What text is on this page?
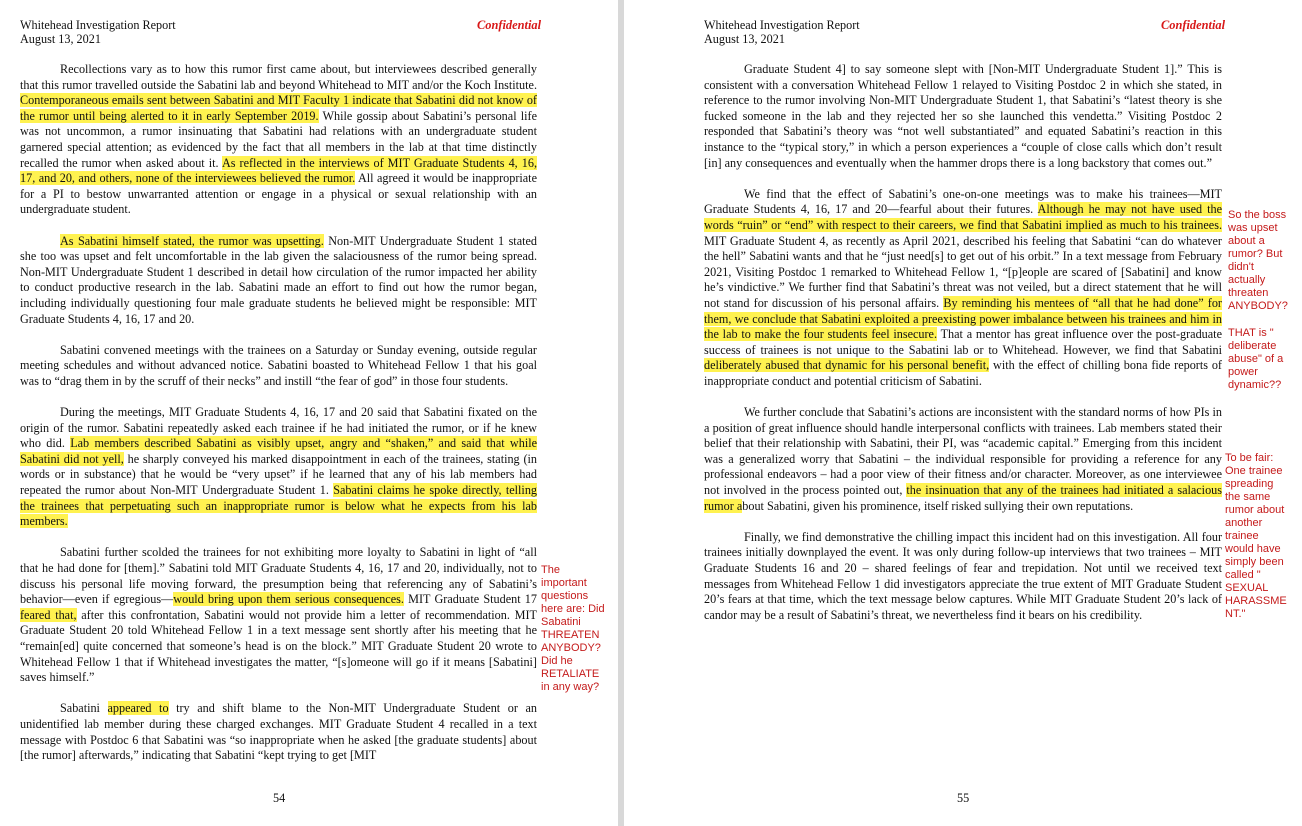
Whitehead Investigation Report
August 13, 2021
Confidential

Recollections vary as to how this rumor first came about, but interviewees described generally that this rumor travelled outside the Sabatini lab and beyond Whitehead to MIT and/or the Koch Institute. Contemporaneous emails sent between Sabatini and MIT Faculty 1 indicate that Sabatini did not know of the rumor until being alerted to it in early September 2019. While gossip about Sabatini’s personal life was not uncommon, a rumor insinuating that Sabatini had relations with an undergraduate student garnered special attention; as evidenced by the fact that all members in the lab at that time distinctly recalled the rumor when asked about it. As reflected in the interviews of MIT Graduate Students 4, 16, 17, and 20, and others, none of the interviewees believed the rumor. All agreed it would be inappropriate for a PI to bestow unwarranted attention or engage in a physical or sexual relationship with an undergraduate student.

As Sabatini himself stated, the rumor was upsetting. Non-MIT Undergraduate Student 1 stated she too was upset and felt uncomfortable in the lab given the salaciousness of the rumor being spread. Non-MIT Undergraduate Student 1 described in detail how circulation of the rumor impacted her ability to conduct productive research in the lab. Sabatini made an effort to find out how the rumor began, including individually questioning four male graduate students he believed might be responsible: MIT Graduate Students 4, 16, 17 and 20.

Sabatini convened meetings with the trainees on a Saturday or Sunday evening, outside regular meeting schedules and without advanced notice. Sabatini boasted to Whitehead Fellow 1 that his goal was to “drag them in by the scruff of their necks” and instill “the fear of god” in those four students.

During the meetings, MIT Graduate Students 4, 16, 17 and 20 said that Sabatini fixated on the origin of the rumor. Sabatini repeatedly asked each trainee if he had initiated the rumor, or if he knew who did. Lab members described Sabatini as visibly upset, angry and “shaken,” and said that while Sabatini did not yell, he sharply conveyed his marked disappointment in each of the trainees, stating (in words or in substance) that he would be “very upset” if he learned that any of his lab members had repeated the rumor about Non-MIT Undergraduate Student 1. Sabatini claims he spoke directly, telling the trainees that perpetuating such an inappropriate rumor is below what he expects from his lab members.

Sabatini further scolded the trainees for not exhibiting more loyalty to Sabatini in light of “all that he had done for [them].” Sabatini told MIT Graduate Students 4, 16, 17 and 20, individually, not to discuss his personal life moving forward, the presumption being that referencing any of Sabatini’s behavior—even if egregious—would bring upon them serious consequences. MIT Graduate Student 17 feared that, after this confrontation, Sabatini would not provide him a letter of recommendation. MIT Graduate Student 20 told Whitehead Fellow 1 in a text message sent shortly after his meeting that he “remain[ed] quite concerned that someone’s head is on the block.” MIT Graduate Student 20 wrote to Whitehead Fellow 1 that if Whitehead investigates the matter, “[s]omeone will go if it means [Sabatini] saves himself.”

Sabatini appeared to try and shift blame to the Non-MIT Undergraduate Student or an unidentified lab member during these charged exchanges. MIT Graduate Student 4 recalled in a text message with Postdoc 6 that Sabatini was “so inappropriate when he asked [the graduate students] about [the rumor] afterwards,” indicating that Sabatini “kept trying to get [MIT

The
important
questions
here are: Did
Sabatini
THREATEN
ANYBODY?
Did he
RETALIATE
in any way?
54
Whitehead Investigation Report
August 13, 2021
Confidential

Graduate Student 4] to say someone slept with [Non-MIT Undergraduate Student 1].” This is consistent with a conversation Whitehead Fellow 1 relayed to Visiting Postdoc 2 in which she stated, in reference to the rumor involving Non-MIT Undergraduate Student 1, that Sabatini’s “latest theory is she fucked someone in the lab and they rejected her so she launched this vendetta.” Visiting Postdoc 2 responded that Sabatini’s theory was “not well substantiated” and equated Sabatini’s reaction in this instance to the “typical story,” in which a person experiences a “couple of close calls which don’t result [in] any consequences and eventually when the hammer drops there is a long backstory that comes out.”

We find that the effect of Sabatini’s one-on-one meetings was to make his trainees—MIT Graduate Students 4, 16, 17 and 20—fearful about their futures. Although he may not have used the words “ruin” or “end” with respect to their careers, we find that Sabatini implied as much to his trainees. MIT Graduate Student 4, as recently as April 2021, described his feeling that Sabatini “can do whatever the hell” Sabatini wants and that he “just need[s] to get out of his orbit.” In a text message from February 2021, Visiting Postdoc 1 remarked to Whitehead Fellow 1, “[p]eople are scared of [Sabatini] and know he’s vindictive.” We further find that Sabatini’s threat was not veiled, but a direct statement that he will not stand for discussion of his personal affairs. By reminding his mentees of “all that he had done” for them, we conclude that Sabatini exploited a preexisting power imbalance between his trainees and him in the lab to make the four students feel insecure. That a mentor has great influence over the post-graduate success of trainees is not unique to the Sabatini lab or to Whitehead. However, we find that Sabatini deliberately abused that dynamic for his personal benefit, with the effect of chilling bona fide reports of inappropriate conduct and potential criticism of Sabatini.

We further conclude that Sabatini’s actions are inconsistent with the standard norms of how PIs in a position of great influence should handle interpersonal conflicts with trainees. Lab members stated their belief that their relationship with Sabatini, their PI, was “academic capital.” Emerging from this incident was a generalized worry that Sabatini – the individual responsible for providing a reference for any professional endeavors – had a poor view of their fitness and/or character. Moreover, as one interviewee not involved in the process pointed out, the insinuation that any of the trainees had initiated a salacious rumor about Sabatini, given his prominence, itself risked sullying their own reputations.

Finally, we find demonstrative the chilling impact this incident had on this investigation. All four trainees initially downplayed the event. It was only during follow-up interviews that two trainees – MIT Graduate Students 16 and 20 – shared feelings of fear and trepidation. Not until we received text messages from Whitehead Fellow 1 did investigators appreciate the true extent of MIT Graduate Student 20’s fears at that time, which the text message below captures. While MIT Graduate Student 20’s lack of candor may be a result of Sabatini’s threat, we nevertheless find it bears on his credibility.

So the boss
was upset
about a
rumor? But
didn't
actually
threaten
ANYBODY?
THAT is "
deliberate
abuse" of a
power
dynamic??
To be fair:
One trainee
spreading
the same
rumor about
another
trainee
would have
simply been
called "
SEXUAL
HARASSME
NT."
55
